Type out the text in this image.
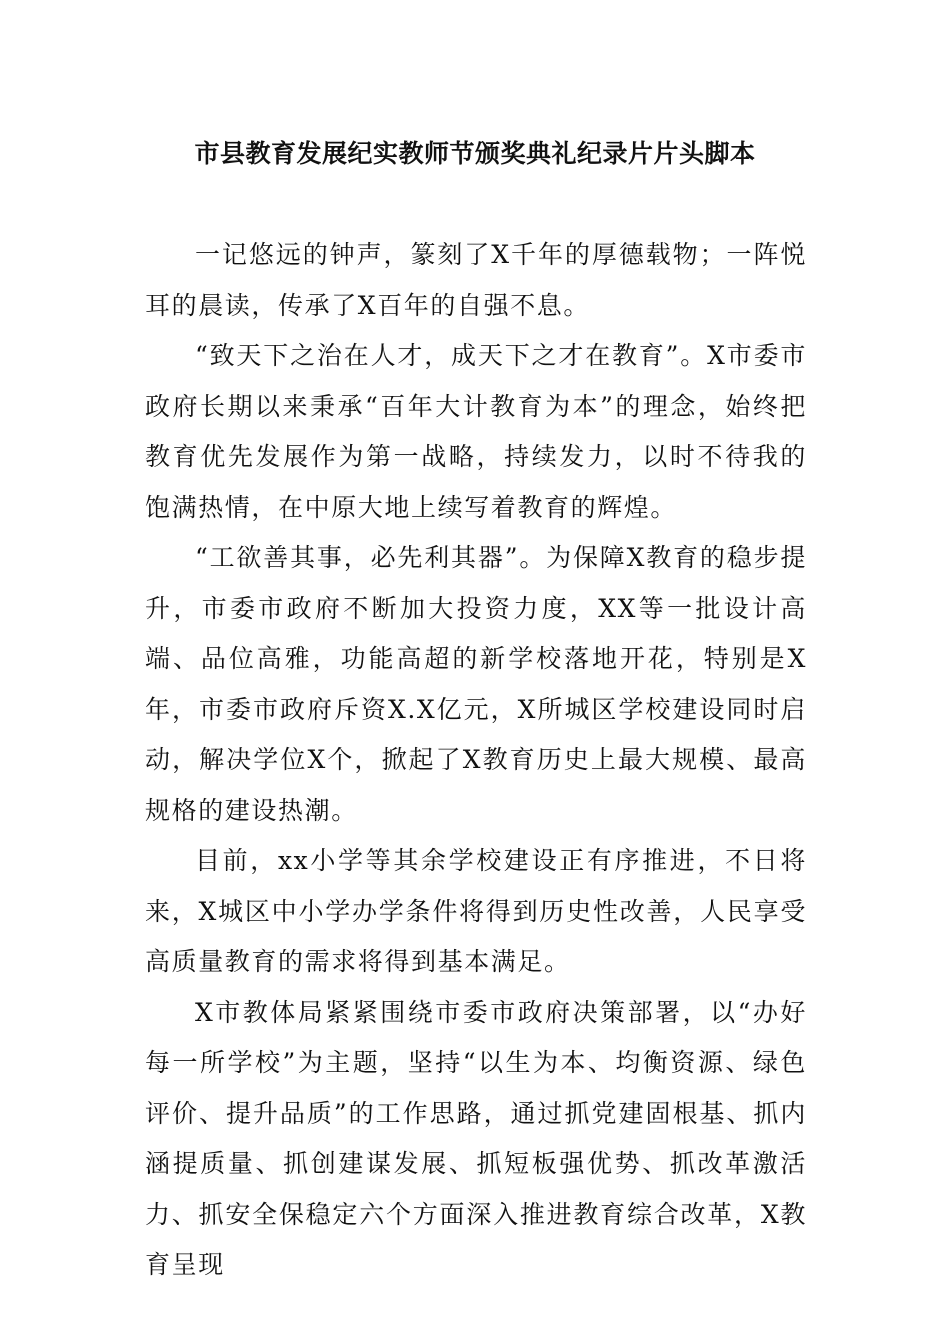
市县教育发展纪实教师节颁奖典礼纪录片片头脚本

一记悠远的钟声，篆刻了X千年的厚德载物；一阵悦耳的晨读，传承了X百年的自强不息。

“致天下之治在人才，成天下之才在教育”。X市委市政府长期以来秉承“百年大计教育为本”的理念，始终把教育优先发展作为第一战略，持续发力，以时不待我的饱满热情，在中原大地上续写着教育的辉煌。

“工欲善其事，必先利其器”。为保障X教育的稳步提升，市委市政府不断加大投资力度，XX等一批设计高端、品位高雅，功能高超的新学校落地开花，特别是X年，市委市政府斥资X.X亿元，X所城区学校建设同时启动，解决学位X个，掀起了X教育历史上最大规模、最高规格的建设热潮。

目前，xx小学等其余学校建设正有序推进，不日将来，X城区中小学办学条件将得到历史性改善，人民享受高质量教育的需求将得到基本满足。

X市教体局紧紧围绕市委市政府决策部署，以“办好每一所学校”为主题，坚持“以生为本、均衡资源、绿色评价、提升品质”的工作思路，通过抓党建固根基、抓内涵提质量、抓创建谋发展、抓短板强优势、抓改革激活力、抓安全保稳定六个方面深入推进教育综合改革，X教育呈现
